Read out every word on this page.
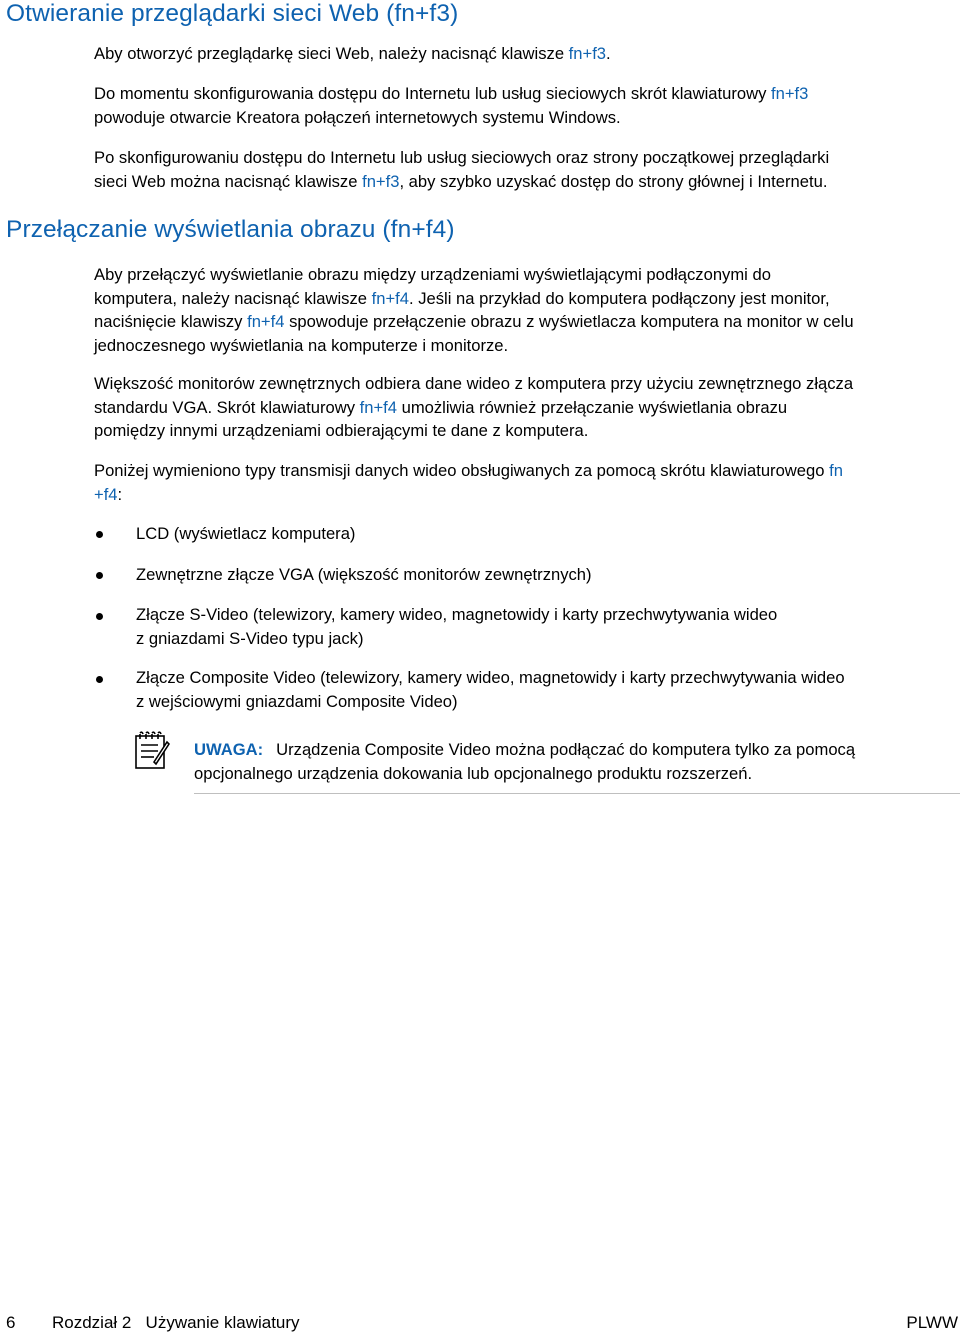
Otwieranie przeglądarki sieci Web (fn+f3)

Aby otworzyć przeglądarkę sieci Web, należy nacisnąć klawisze fn+f3.

Do momentu skonfigurowania dostępu do Internetu lub usług sieciowych skrót klawiaturowy fn+f3
powoduje otwarcie Kreatora połączeń internetowych systemu Windows.

Po skonfigurowaniu dostępu do Internetu lub usług sieciowych oraz strony początkowej przeglądarki
sieci Web można nacisnąć klawisze fn+f3, aby szybko uzyskać dostęp do strony głównej i Internetu.

Przełączanie wyświetlania obrazu (fn+f4)

Aby przełączyć wyświetlanie obrazu między urządzeniami wyświetlającymi podłączonymi do
komputera, należy nacisnąć klawisze fn+f4. Jeśli na przykład do komputera podłączony jest monitor,
naciśnięcie klawiszy fn+f4 spowoduje przełączenie obrazu z wyświetlacza komputera na monitor w celu
jednoczesnego wyświetlania na komputerze i monitorze.

Większość monitorów zewnętrznych odbiera dane wideo z komputera przy użyciu zewnętrznego złącza
standardu VGA. Skrót klawiaturowy fn+f4 umożliwia również przełączanie wyświetlania obrazu
pomiędzy innymi urządzeniami odbierającymi te dane z komputera.

Poniżej wymieniono typy transmisji danych wideo obsługiwanych za pomocą skrótu klawiaturowego fn
+f4:

LCD (wyświetlacz komputera)

Zewnętrzne złącze VGA (większość monitorów zewnętrznych)

Złącze S-Video (telewizory, kamery wideo, magnetowidy i karty przechwytywania wideo
z gniazdami S-Video typu jack)

Złącze Composite Video (telewizory, kamery wideo, magnetowidy i karty przechwytywania wideo
z wejściowymi gniazdami Composite Video)

UWAGA: Urządzenia Composite Video można podłączać do komputera tylko za pomocą
opcjonalnego urządzenia dokowania lub opcjonalnego produktu rozszerzeń.

6 Rozdział 2   Używanie klawiatury	PLWW
